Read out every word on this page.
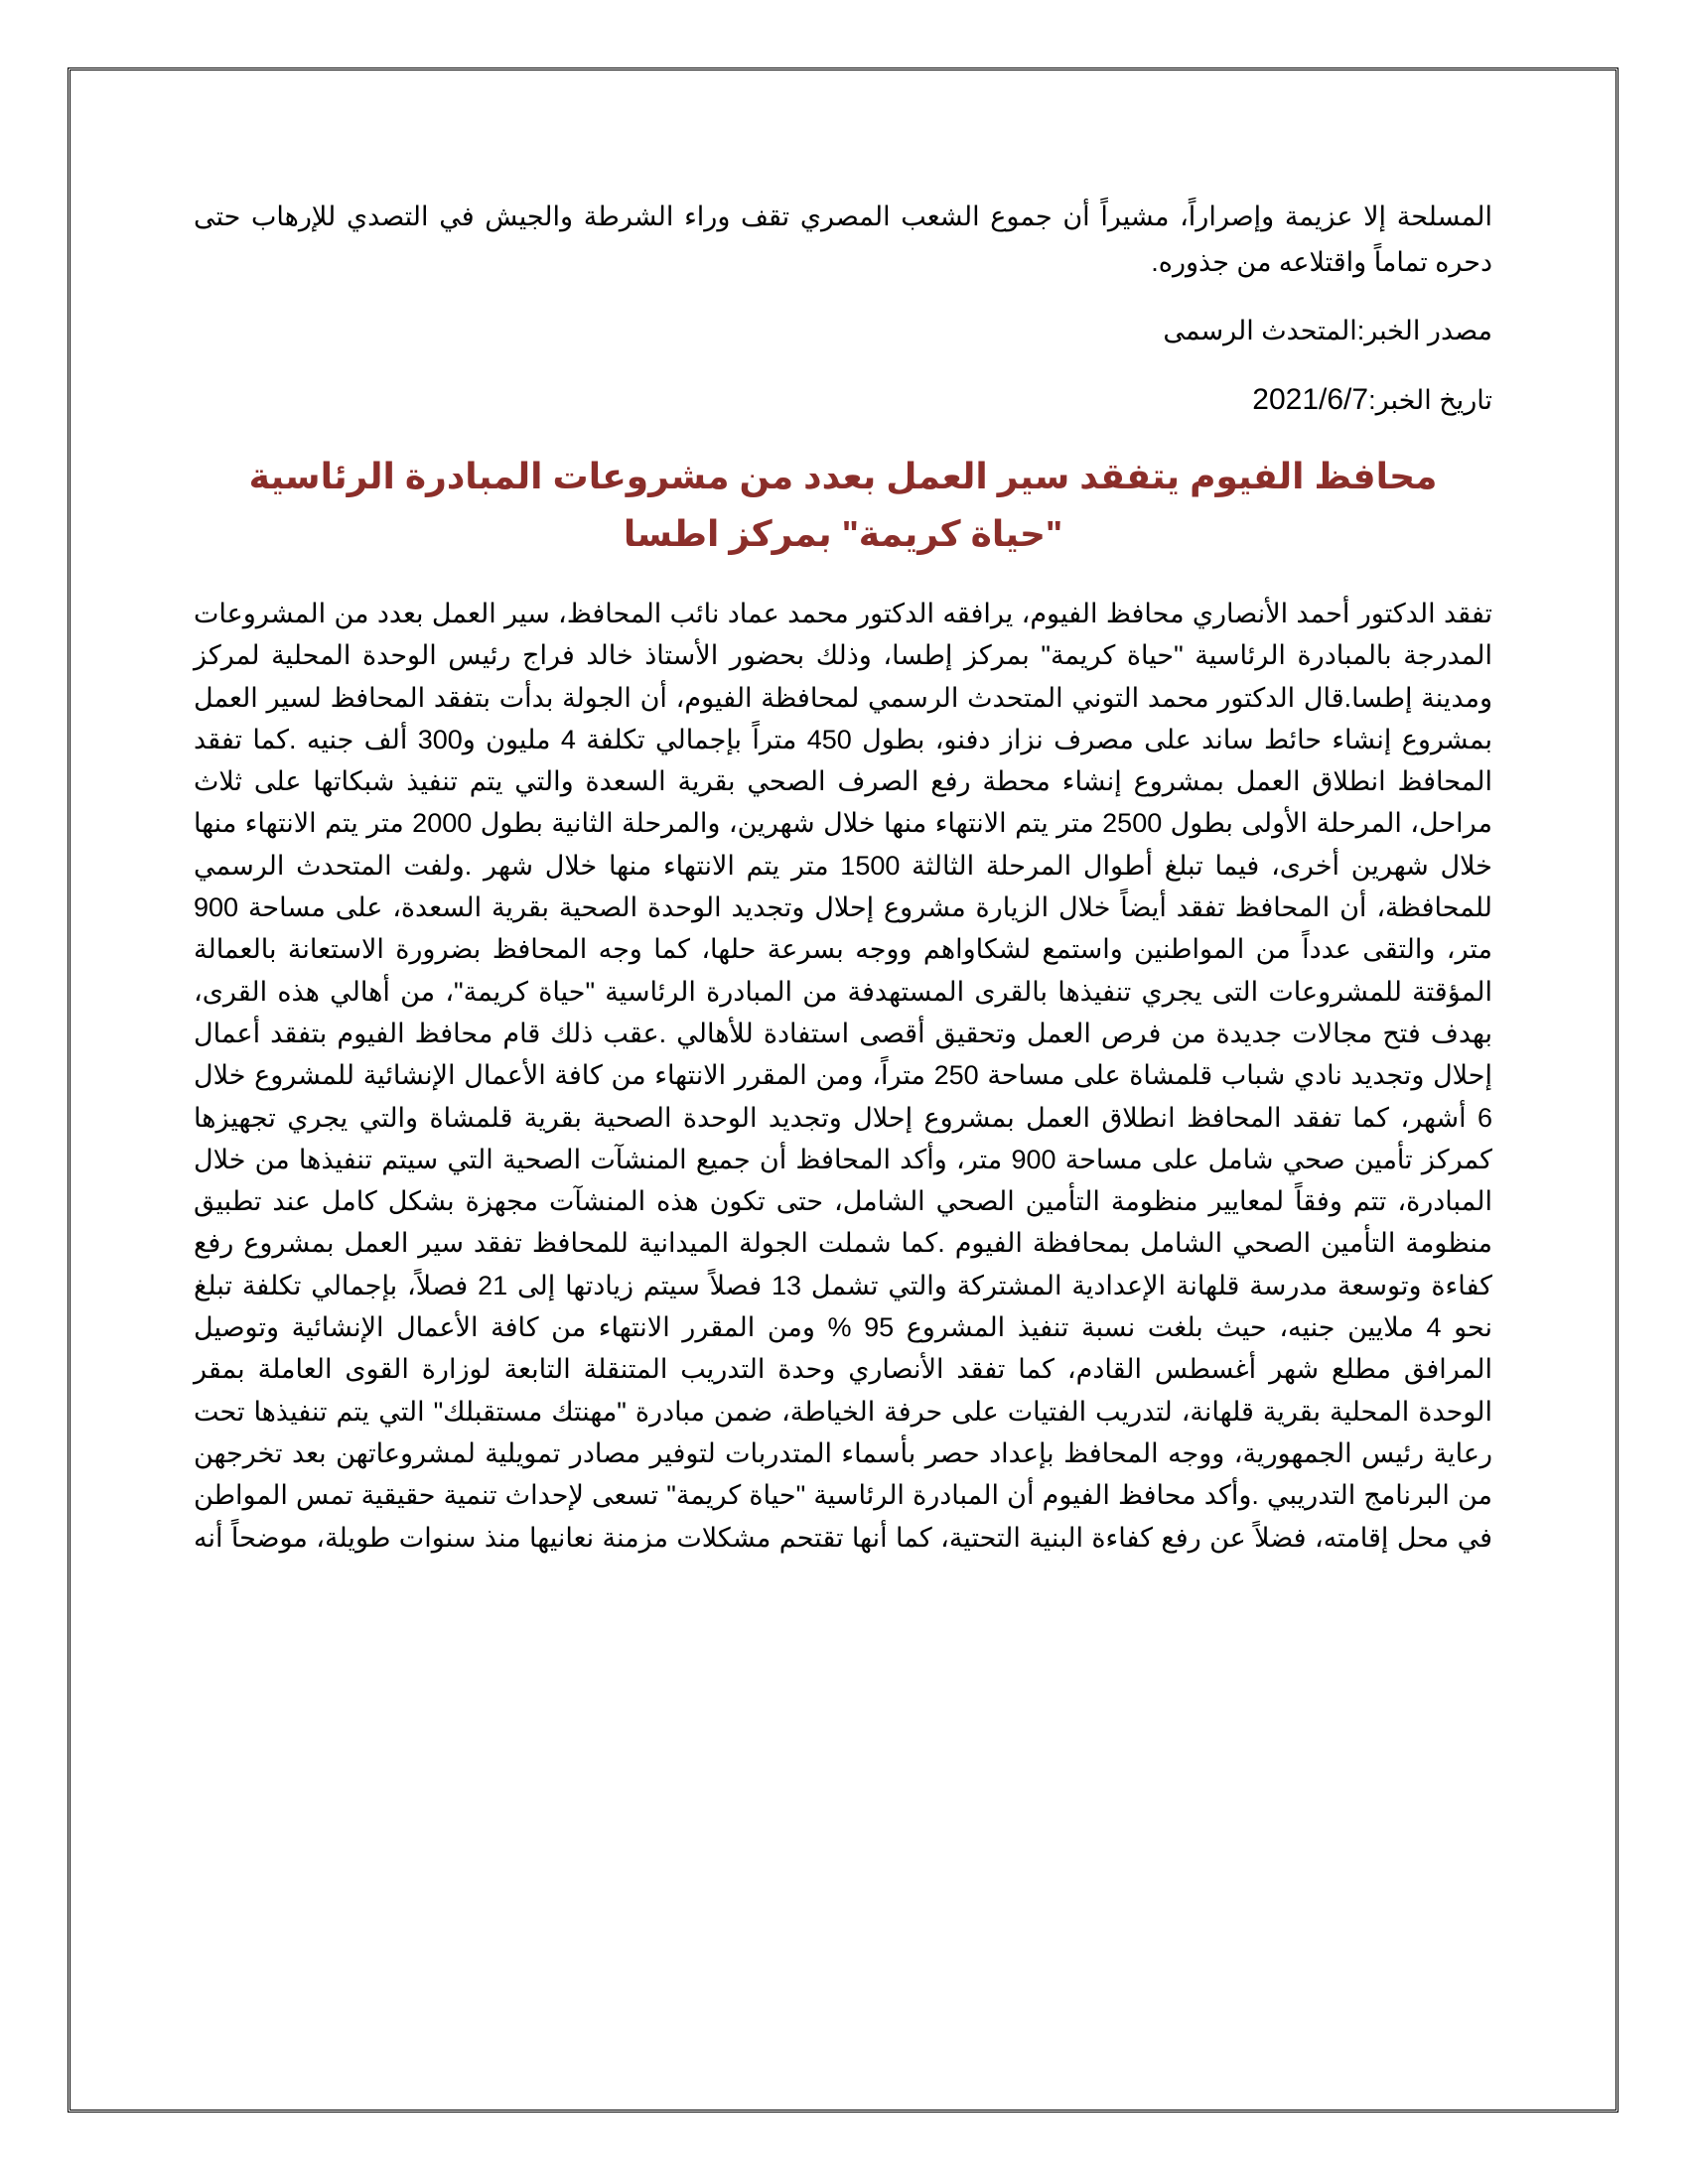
المسلحة إلا عزيمة وإصراراً، مشيراً أن جموع الشعب المصري تقف وراء الشرطة والجيش في التصدي للإرهاب حتى دحره تماماً واقتلاعه من جذوره.

مصدر الخبر:المتحدث الرسمى

تاريخ الخبر:2021/6/7

محافظ الفيوم يتفقد سير العمل بعدد من مشروعات المبادرة الرئاسية "حياة كريمة" بمركز اطسا

تفقد الدكتور أحمد الأنصاري محافظ الفيوم، يرافقه الدكتور محمد عماد نائب المحافظ، سير العمل بعدد من المشروعات المدرجة بالمبادرة الرئاسية "حياة كريمة" بمركز إطسا، وذلك بحضور الأستاذ خالد فراج رئيس الوحدة المحلية لمركز ومدينة إطسا.قال الدكتور محمد التوني المتحدث الرسمي لمحافظة الفيوم، أن الجولة بدأت بتفقد المحافظ لسير العمل بمشروع إنشاء حائط ساند على مصرف نزاز دفنو، بطول 450 متراً بإجمالي تكلفة 4 مليون و300 ألف جنيه .كما تفقد المحافظ انطلاق العمل بمشروع إنشاء محطة رفع الصرف الصحي بقرية السعدة والتي يتم تنفيذ شبكاتها على ثلاث مراحل، المرحلة الأولى بطول 2500 متر يتم الانتهاء منها خلال شهرين، والمرحلة الثانية بطول 2000 متر يتم الانتهاء منها خلال شهرين أخرى، فيما تبلغ أطوال المرحلة الثالثة 1500 متر يتم الانتهاء منها خلال شهر .ولفت المتحدث الرسمي للمحافظة، أن المحافظ تفقد أيضاً خلال الزيارة مشروع إحلال وتجديد الوحدة الصحية بقرية السعدة، على مساحة 900 متر، والتقى عدداً من المواطنين واستمع لشكاواهم ووجه بسرعة حلها، كما وجه المحافظ بضرورة الاستعانة بالعمالة المؤقتة للمشروعات التى يجري تنفيذها بالقرى المستهدفة من المبادرة الرئاسية "حياة كريمة"، من أهالي هذه القرى، بهدف فتح مجالات جديدة من فرص العمل وتحقيق أقصى استفادة للأهالي .عقب ذلك قام محافظ الفيوم بتفقد أعمال إحلال وتجديد نادي شباب قلمشاة على مساحة 250 متراً، ومن المقرر الانتهاء من كافة الأعمال الإنشائية للمشروع خلال 6 أشهر، كما تفقد المحافظ انطلاق العمل بمشروع إحلال وتجديد الوحدة الصحية بقرية قلمشاة والتي يجري تجهيزها كمركز تأمين صحي شامل على مساحة 900 متر، وأكد المحافظ أن جميع المنشآت الصحية التي سيتم تنفيذها من خلال المبادرة، تتم وفقاً لمعايير منظومة التأمين الصحي الشامل، حتى تكون هذه المنشآت مجهزة بشكل كامل عند تطبيق منظومة التأمين الصحي الشامل بمحافظة الفيوم .كما شملت الجولة الميدانية للمحافظ تفقد سير العمل بمشروع رفع كفاءة وتوسعة مدرسة قلهانة الإعدادية المشتركة والتي تشمل 13 فصلاً سيتم زيادتها إلى 21 فصلاً، بإجمالي تكلفة تبلغ نحو 4 ملايين جنيه، حيث بلغت نسبة تنفيذ المشروع 95 % ومن المقرر الانتهاء من كافة الأعمال الإنشائية وتوصيل المرافق مطلع شهر أغسطس القادم، كما تفقد الأنصاري وحدة التدريب المتنقلة التابعة لوزارة القوى العاملة بمقر الوحدة المحلية بقرية قلهانة، لتدريب الفتيات على حرفة الخياطة، ضمن مبادرة "مهنتك مستقبلك" التي يتم تنفيذها تحت رعاية رئيس الجمهورية، ووجه المحافظ بإعداد حصر بأسماء المتدربات لتوفير مصادر تمويلية لمشروعاتهن بعد تخرجهن من البرنامج التدريبي .وأكد محافظ الفيوم أن المبادرة الرئاسية "حياة كريمة" تسعى لإحداث تنمية حقيقية تمس المواطن في محل إقامته، فضلاً عن رفع كفاءة البنية التحتية، كما أنها تقتحم مشكلات مزمنة نعانيها منذ سنوات طويلة، موضحاً أنه
